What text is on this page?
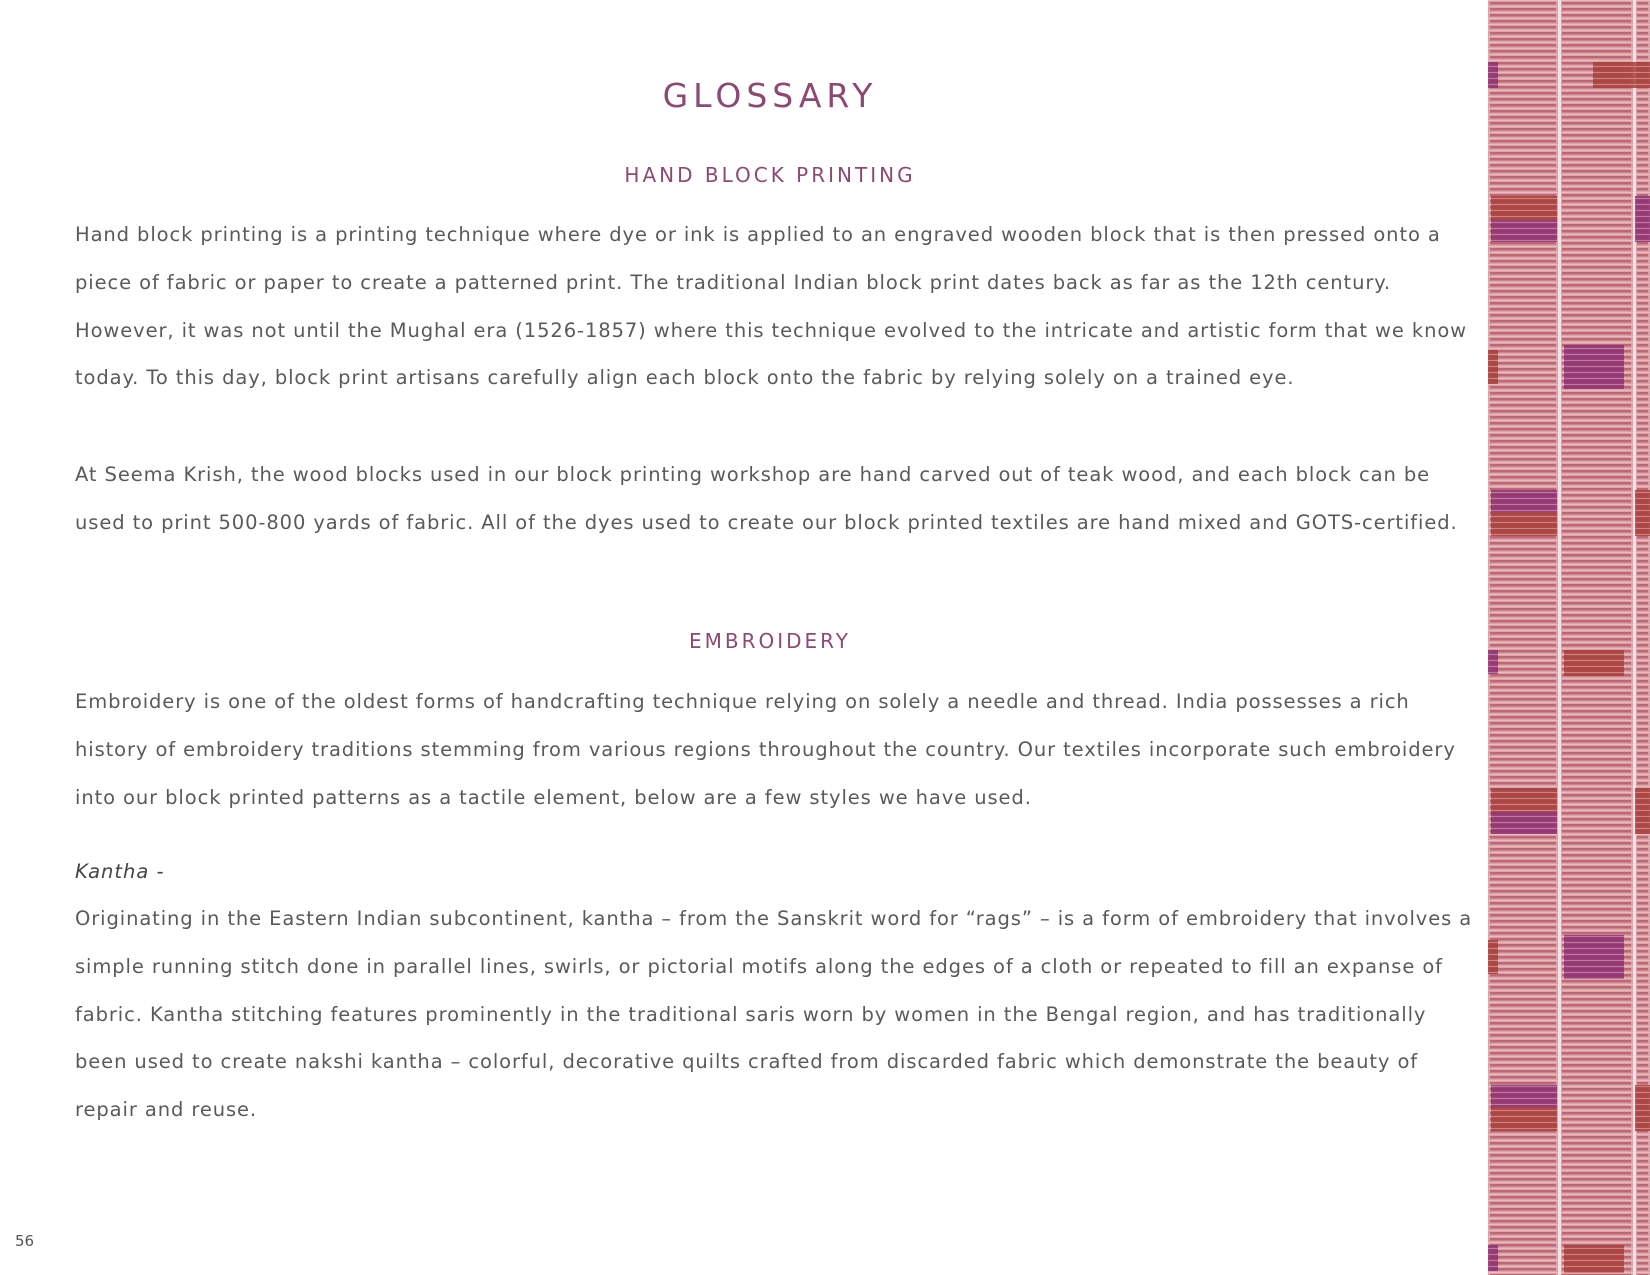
GLOSSARY
HAND BLOCK PRINTING

Hand block printing is a printing technique where dye or ink is applied to an engraved wooden block that is then pressed onto a piece of fabric or paper to create a patterned print. The traditional Indian block print dates back as far as the 12th century. However, it was not until the Mughal era (1526-1857) where this technique evolved to the intricate and artistic form that we know today. To this day, block print artisans carefully align each block onto the fabric by relying solely on a trained eye.

At Seema Krish, the wood blocks used in our block printing workshop are hand carved out of teak wood, and each block can be used to print 500-800 yards of fabric. All of the dyes used to create our block printed textiles are hand mixed and GOTS-certified.

EMBROIDERY

Embroidery is one of the oldest forms of handcrafting technique relying on solely a needle and thread. India possesses a rich history of embroidery traditions stemming from various regions throughout the country. Our textiles incorporate such embroidery into our block printed patterns as a tactile element, below are a few styles we have used.

Kantha -

Originating in the Eastern Indian subcontinent, kantha – from the Sanskrit word for “rags” – is a form of embroidery that involves a simple running stitch done in parallel lines, swirls, or pictorial motifs along the edges of a cloth or repeated to fill an expanse of fabric. Kantha stitching features prominently in the traditional saris worn by women in the Bengal region, and has traditionally been used to create nakshi kantha – colorful, decorative quilts crafted from discarded fabric which demonstrate the beauty of repair and reuse.

56
